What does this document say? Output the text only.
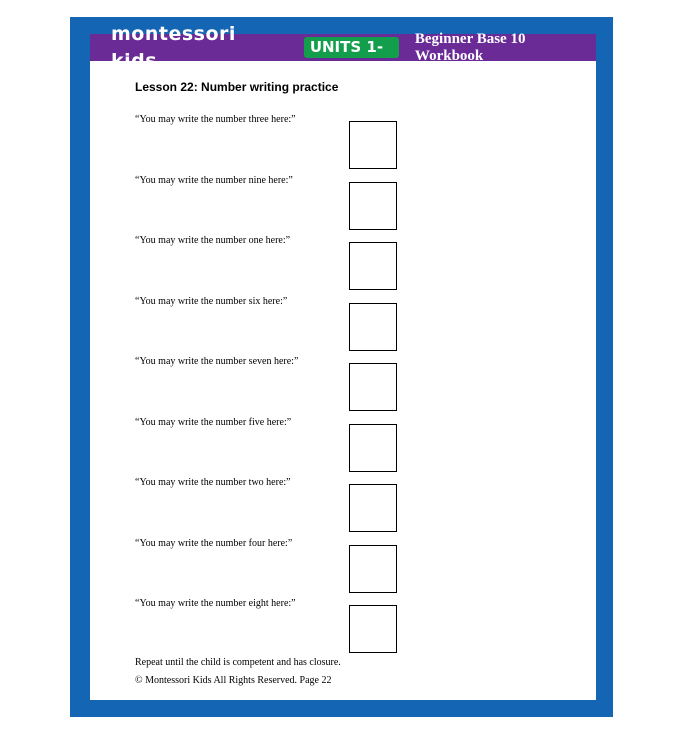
montessori kids
UNITS 1-9
Beginner Base 10 Workbook
Lesson 22: Number writing practice
“You may write the number three here:”
“You may write the number nine here:”
“You may write the number one here:”
“You may write the number six here:”
“You may write the number seven here:”
“You may write the number five here:”
“You may write the number two here:”
“You may write the number four here:”
“You may write the number eight here:”
Repeat until the child is competent and has closure.
© Montessori Kids All Rights Reserved. Page 22
